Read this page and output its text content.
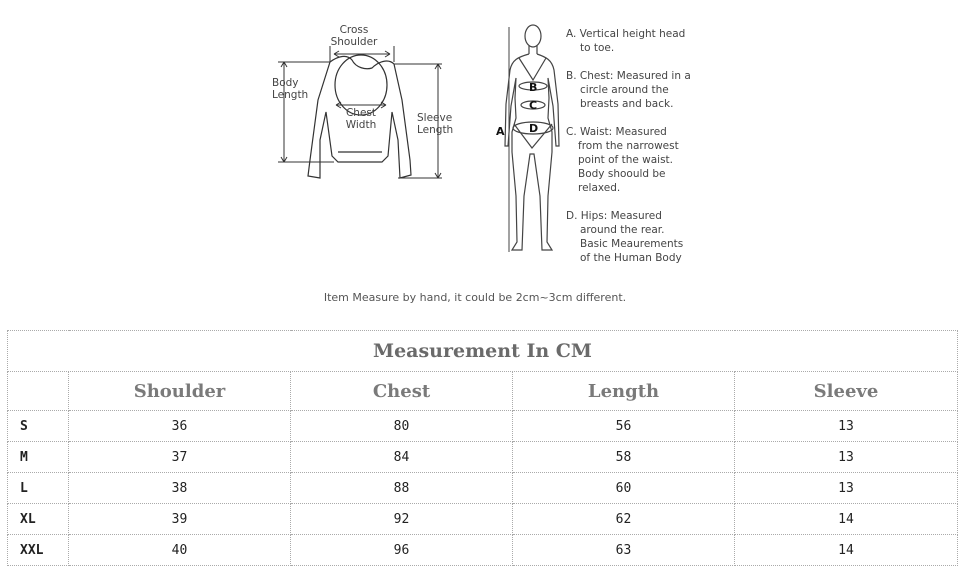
B
C
D
A
Cross
Shoulder
Body
Length
Chest
Width
Sleeve
Length
A. Vertical height head
to toe.
B. Chest: Measured in a
circle around the
breasts and back.
C. Waist: Measured
from the narrowest
point of the waist.
Body shoould be
relaxed.
D. Hips: Measured
around the rear.
Basic Meaurements
of the Human Body
Item Measure by hand, it could be 2cm~3cm different.
Measurement In CM				
	Shoulder	Chest	Length	Sleeve
S	36	80	56	13
M	37	84	58	13
L	38	88	60	13
XL	39	92	62	14
XXL	40	96	63	14
